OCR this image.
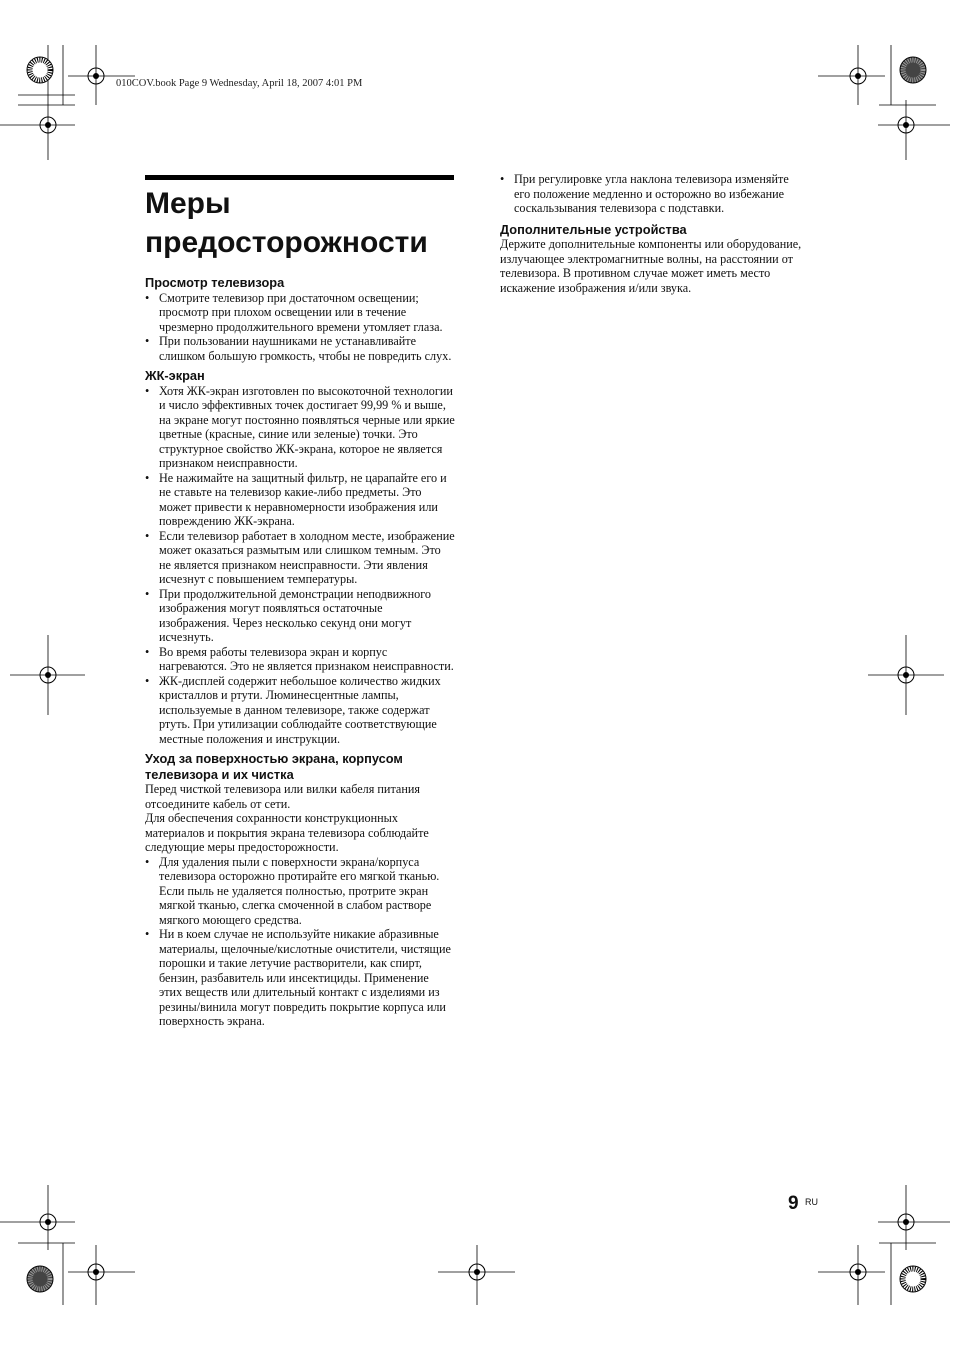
010COV.book Page 9 Wednesday, April 18, 2007 4:01 PM
Меры
предосторожности
Просмотр телевизора
• Смотрите телевизор при достаточном освещении; просмотр при плохом освещении или в течение чрезмерно продолжительного времени утомляет глаза.
• При пользовании наушниками не устанавливайте слишком большую громкость, чтобы не повредить слух.
ЖК-экран
• Хотя ЖК-экран изготовлен по высокоточной технологии и число эффективных точек достигает 99,99 % и выше, на экране могут постоянно появляться черные или яркие цветные (красные, синие или зеленые) точки. Это структурное свойство ЖК-экрана, которое не является признаком неисправности.
• Не нажимайте на защитный фильтр, не царапайте его и не ставьте на телевизор какие-либо предметы. Это может привести к неравномерности изображения или повреждению ЖК-экрана.
• Если телевизор работает в холодном месте, изображение может оказаться размытым или слишком темным. Это не является признаком неисправности. Эти явления исчезнут с повышением температуры.
• При продолжительной демонстрации неподвижного изображения могут появляться остаточные изображения. Через несколько секунд они могут исчезнуть.
• Во время работы телевизора экран и корпус нагреваются. Это не является признаком неисправности.
• ЖК-дисплей содержит небольшое количество жидких кристаллов и ртути. Люминесцентные лампы, используемые в данном телевизоре, также содержат ртуть. При утилизации соблюдайте соответствующие местные положения и инструкции.
Уход за поверхностью экрана, корпусом телевизора и их чистка

Перед чисткой телевизора или вилки кабеля питания отсоедините кабель от сети.

Для обеспечения сохранности конструкционных материалов и покрытия экрана телевизора соблюдайте следующие меры предосторожности.

• Для удаления пыли с поверхности экрана/корпуса телевизора осторожно протирайте его мягкой тканью. Если пыль не удаляется полностью, протрите экран мягкой тканью, слегка смоченной в слабом растворе мягкого моющего средства.
• Ни в коем случае не используйте никакие абразивные материалы, щелочные/кислотные очистители, чистящие порошки и такие летучие растворители, как спирт, бензин, разбавитель или инсектициды. Применение этих веществ или длительный контакт с изделиями из резины/винила могут повредить покрытие корпуса или поверхность экрана.
• При регулировке угла наклона телевизора изменяйте его положение медленно и осторожно во избежание соскальзывания телевизора с подставки.
Дополнительные устройства

Держите дополнительные компоненты или оборудование, излучающее электромагнитные волны, на расстоянии от телевизора. В противном случае может иметь место искажение изображения и/или звука.

9 RU
